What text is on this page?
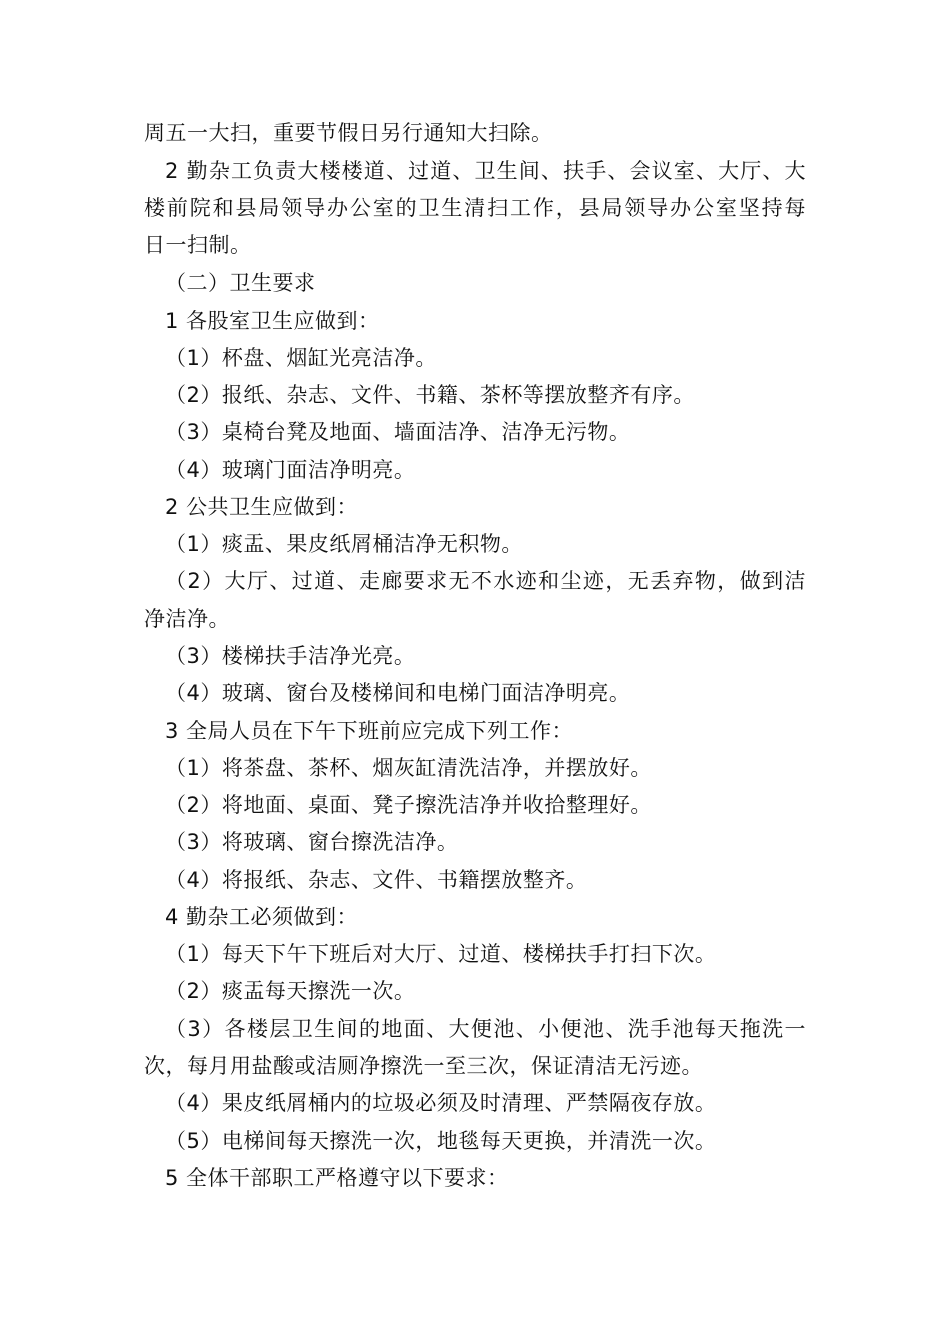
周五一大扫，重要节假日另行通知大扫除。
2 勤杂工负责大楼楼道、过道、卫生间、扶手、会议室、大厅、大
楼前院和县局领导办公室的卫生清扫工作，县局领导办公室坚持每
日一扫制。
（二）卫生要求
1 各股室卫生应做到：
（1）杯盘、烟缸光亮洁净。
（2）报纸、杂志、文件、书籍、茶杯等摆放整齐有序。
（3）桌椅台凳及地面、墙面洁净、洁净无污物。
（4）玻璃门面洁净明亮。
2 公共卫生应做到：
（1）痰盂、果皮纸屑桶洁净无积物。
（2）大厅、过道、走廊要求无不水迹和尘迹，无丢弃物，做到洁
净洁净。
（3）楼梯扶手洁净光亮。
（4）玻璃、窗台及楼梯间和电梯门面洁净明亮。
3 全局人员在下午下班前应完成下列工作：
（1）将茶盘、茶杯、烟灰缸清洗洁净，并摆放好。
（2）将地面、桌面、凳子擦洗洁净并收拾整理好。
（3）将玻璃、窗台擦洗洁净。
（4）将报纸、杂志、文件、书籍摆放整齐。
4 勤杂工必须做到：
（1）每天下午下班后对大厅、过道、楼梯扶手打扫下次。
（2）痰盂每天擦洗一次。
（3）各楼层卫生间的地面、大便池、小便池、洗手池每天拖洗一
次，每月用盐酸或洁厕净擦洗一至三次，保证清洁无污迹。
（4）果皮纸屑桶内的垃圾必须及时清理、严禁隔夜存放。
（5）电梯间每天擦洗一次，地毯每天更换，并清洗一次。
5 全体干部职工严格遵守以下要求：
